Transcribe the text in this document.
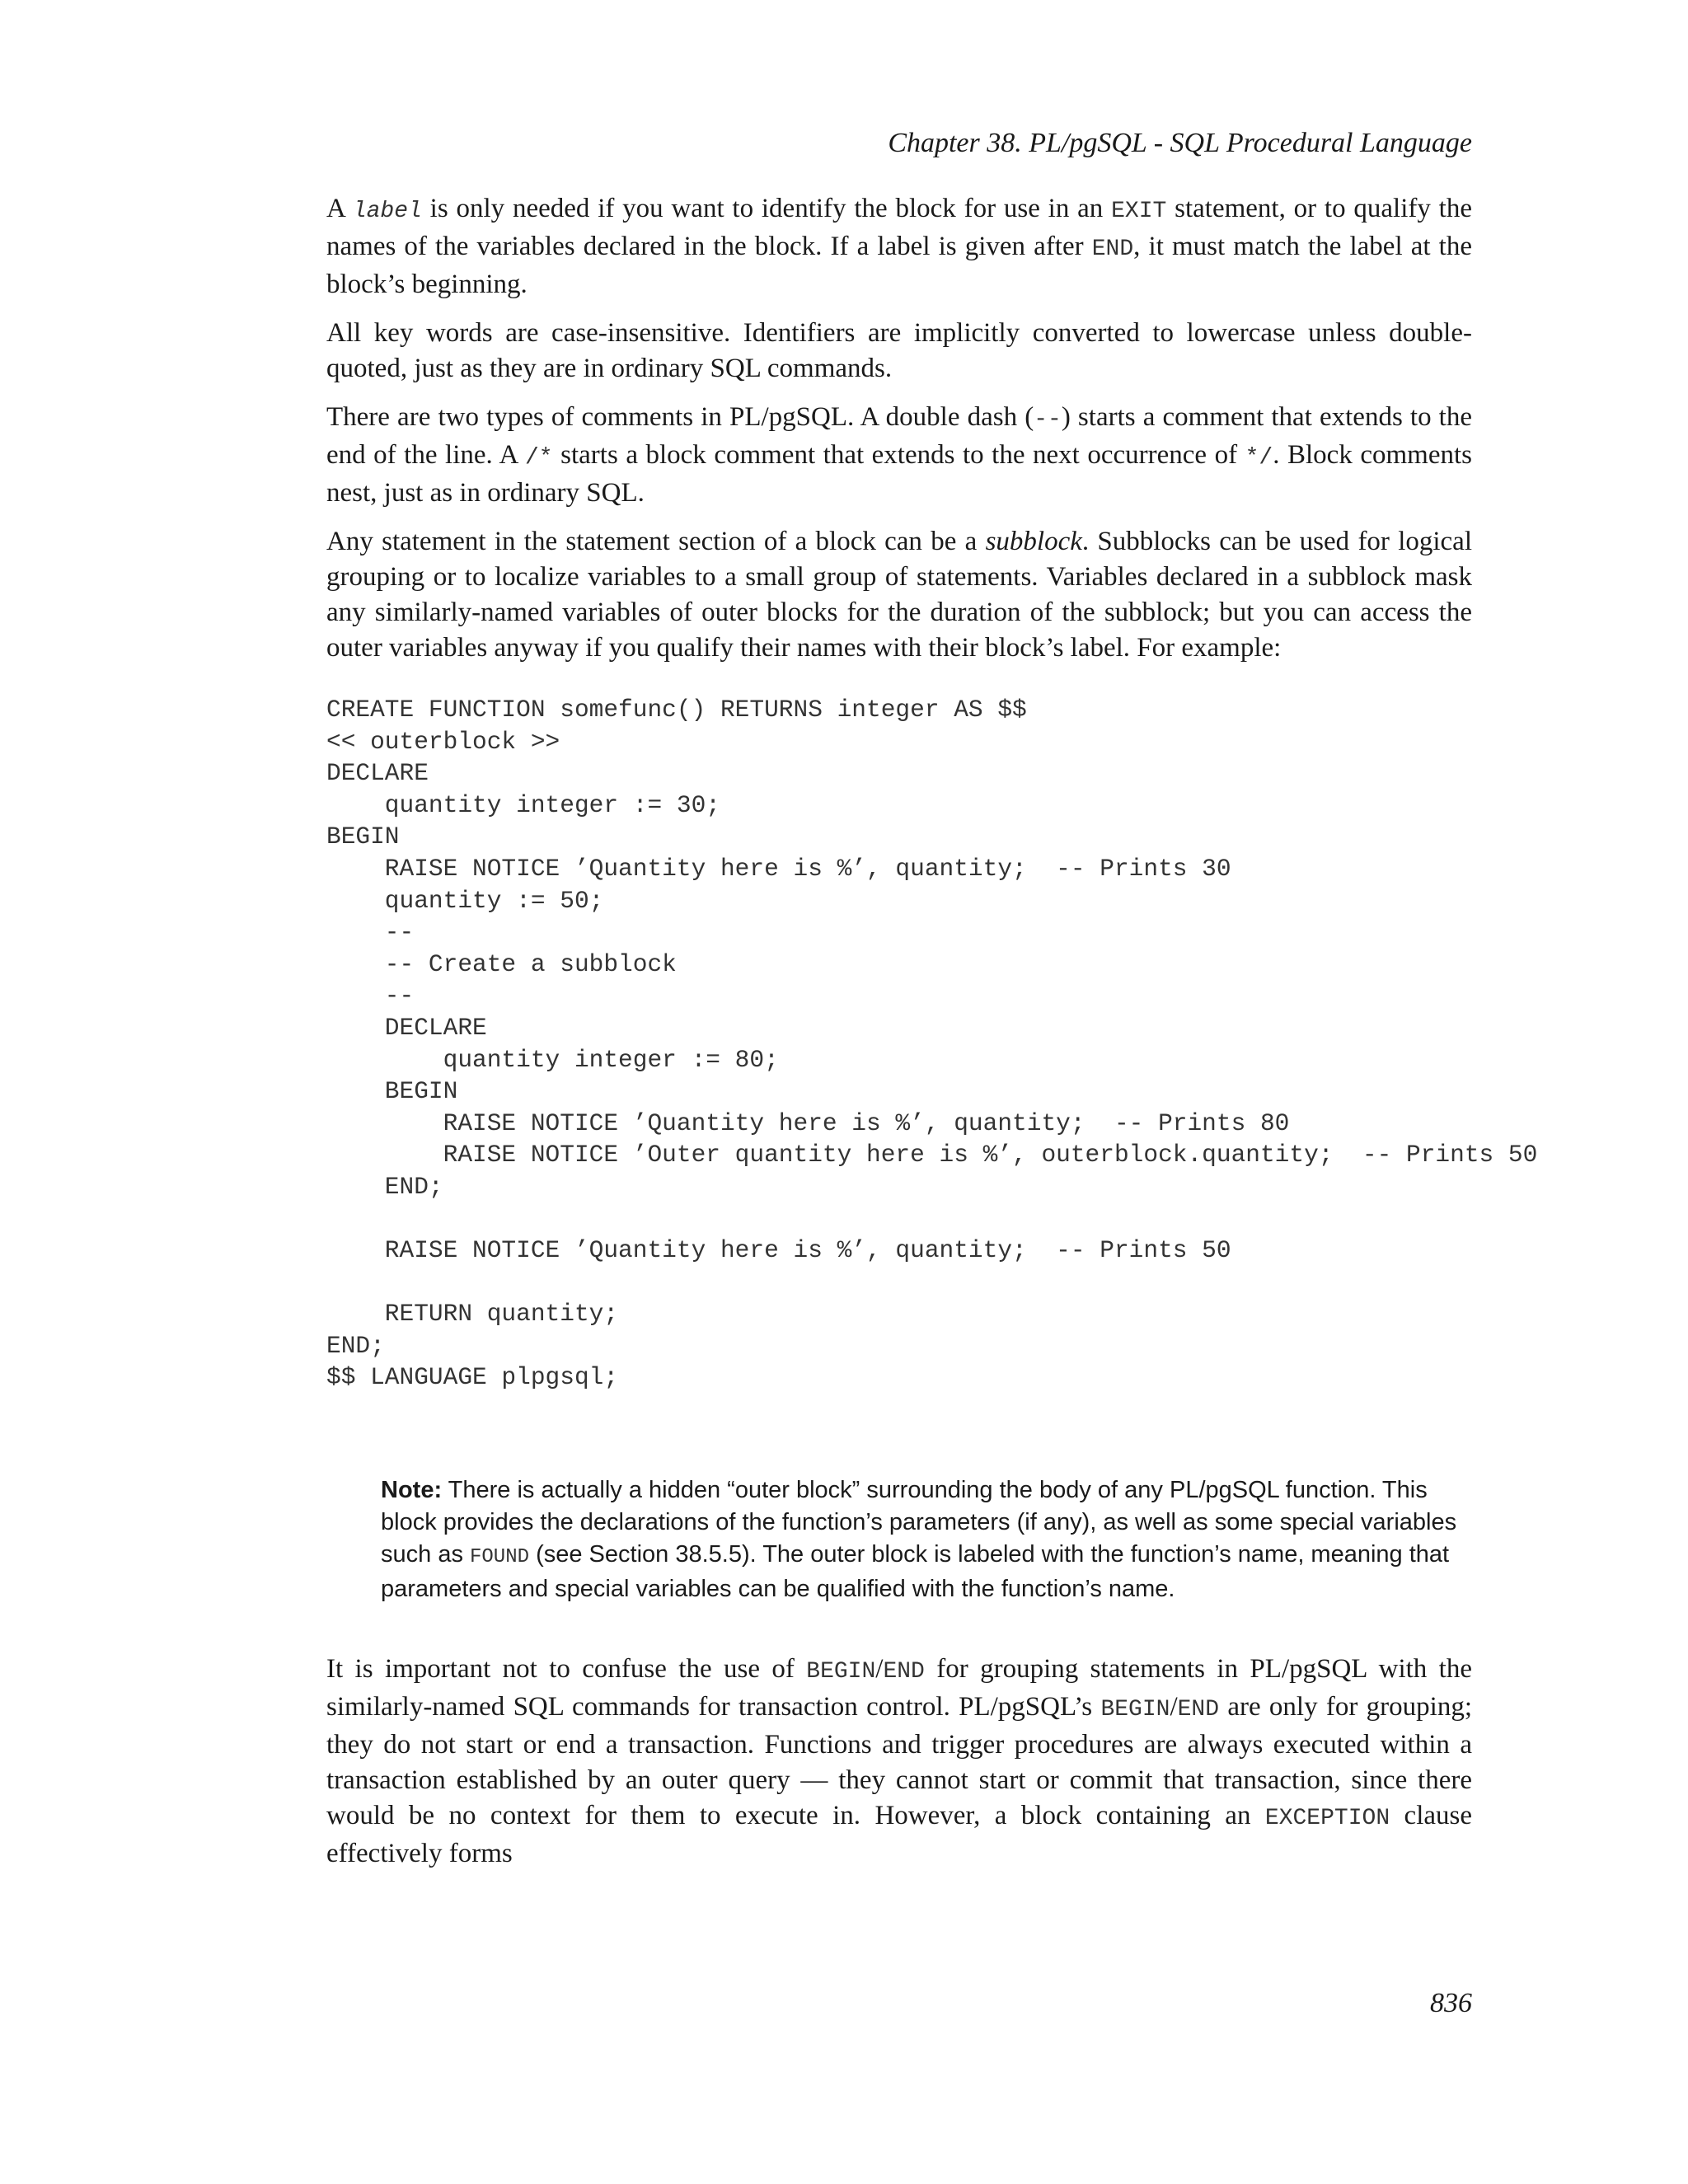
Chapter 38. PL/pgSQL - SQL Procedural Language

A label is only needed if you want to identify the block for use in an EXIT statement, or to qualify the names of the variables declared in the block. If a label is given after END, it must match the label at the block’s beginning.

All key words are case-insensitive. Identifiers are implicitly converted to lowercase unless double-quoted, just as they are in ordinary SQL commands.

There are two types of comments in PL/pgSQL. A double dash (--) starts a comment that extends to the end of the line. A /* starts a block comment that extends to the next occurrence of */. Block comments nest, just as in ordinary SQL.

Any statement in the statement section of a block can be a subblock. Subblocks can be used for logical grouping or to localize variables to a small group of statements. Variables declared in a subblock mask any similarly-named variables of outer blocks for the duration of the subblock; but you can access the outer variables anyway if you qualify their names with their block’s label. For example:

CREATE FUNCTION somefunc() RETURNS integer AS $$
<< outerblock >>
DECLARE
quantity integer := 30;
BEGIN
RAISE NOTICE ’Quantity here is %’, quantity;  -- Prints 30
quantity := 50;
--
-- Create a subblock
--
DECLARE
quantity integer := 80;
BEGIN
RAISE NOTICE ’Quantity here is %’, quantity;  -- Prints 80
RAISE NOTICE ’Outer quantity here is %’, outerblock.quantity;  -- Prints 50
END;

RAISE NOTICE ’Quantity here is %’, quantity;  -- Prints 50

RETURN quantity;
END;
$$ LANGUAGE plpgsql;
Note: There is actually a hidden “outer block” surrounding the body of any PL/pgSQL function. This block provides the declarations of the function’s parameters (if any), as well as some special variables such as FOUND (see Section 38.5.5). The outer block is labeled with the function’s name, meaning that parameters and special variables can be qualified with the function’s name.

It is important not to confuse the use of BEGIN/END for grouping statements in PL/pgSQL with the similarly-named SQL commands for transaction control. PL/pgSQL’s BEGIN/END are only for grouping; they do not start or end a transaction. Functions and trigger procedures are always executed within a transaction established by an outer query — they cannot start or commit that transaction, since there would be no context for them to execute in. However, a block containing an EXCEPTION clause effectively forms

836
